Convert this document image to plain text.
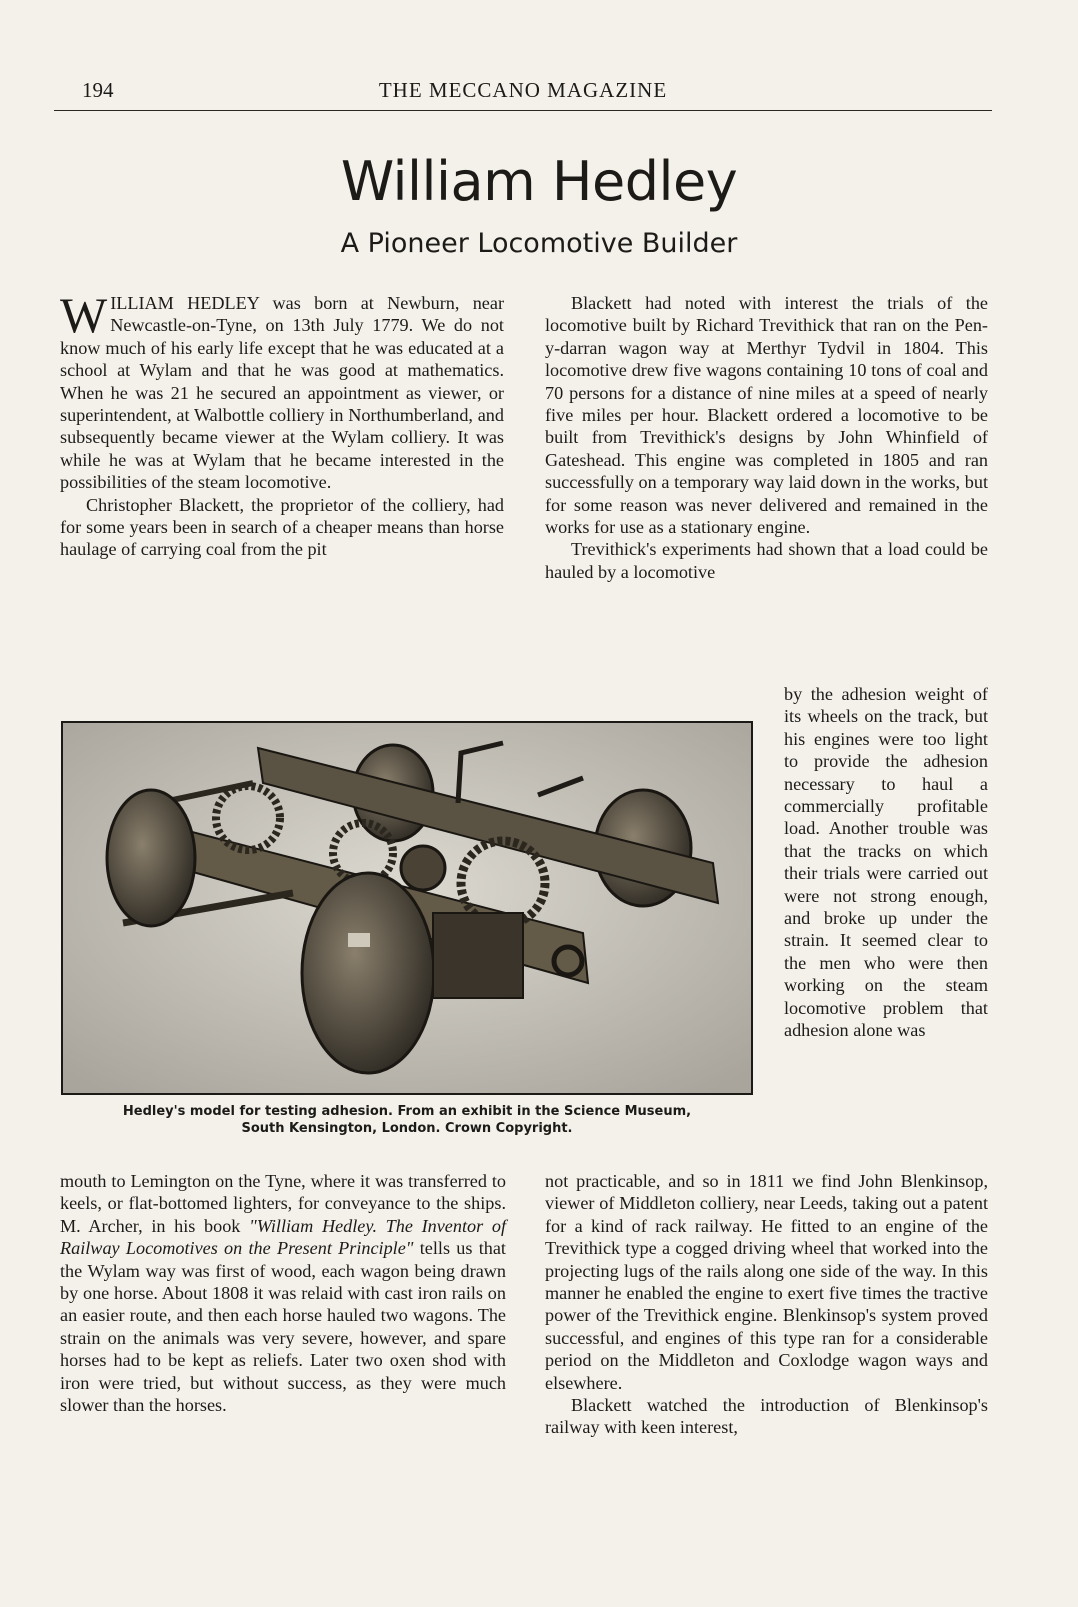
194	THE MECCANO MAGAZINE
William Hedley
A Pioneer Locomotive Builder

WILLIAM HEDLEY was born at Newburn, near Newcastle-on-Tyne, on 13th July 1779. We do not know much of his early life except that he was educated at a school at Wylam and that he was good at mathematics. When he was 21 he secured an appointment as viewer, or superintendent, at Walbottle colliery in Northumberland, and subsequently became viewer at the Wylam colliery. It was while he was at Wylam that he became interested in the possibilities of the steam locomotive.

Christopher Blackett, the proprietor of the colliery, had for some years been in search of a cheaper means than horse haulage of carrying coal from the pit

Blackett had noted with interest the trials of the locomotive built by Richard Trevithick that ran on the Pen-y-darran wagon way at Merthyr Tydvil in 1804. This locomotive drew five wagons containing 10 tons of coal and 70 persons for a distance of nine miles at a speed of nearly five miles per hour. Blackett ordered a locomotive to be built from Trevithick's designs by John Whinfield of Gateshead. This engine was completed in 1805 and ran successfully on a temporary way laid down in the works, but for some reason was never delivered and remained in the works for use as a stationary engine.

Trevithick's experiments had shown that a load could be hauled by a locomotive

by the adhesion weight of its wheels on the track, but his engines were too light to provide the adhesion necessary to haul a commercially profitable load. Another trouble was that the tracks on which their trials were carried out were not strong enough, and broke up under the strain. It seemed clear to the men who were then working on the steam locomotive problem that adhesion alone was

Hedley's model for testing adhesion. From an exhibit in the Science Museum,
South Kensington, London. Crown Copyright.

mouth to Lemington on the Tyne, where it was transferred to keels, or flat-bottomed lighters, for conveyance to the ships. M. Archer, in his book "William Hedley. The Inventor of Railway Locomotives on the Present Principle" tells us that the Wylam way was first of wood, each wagon being drawn by one horse. About 1808 it was relaid with cast iron rails on an easier route, and then each horse hauled two wagons. The strain on the animals was very severe, however, and spare horses had to be kept as reliefs. Later two oxen shod with iron were tried, but without success, as they were much slower than the horses.

not practicable, and so in 1811 we find John Blenkinsop, viewer of Middleton colliery, near Leeds, taking out a patent for a kind of rack railway. He fitted to an engine of the Trevithick type a cogged driving wheel that worked into the projecting lugs of the rails along one side of the way. In this manner he enabled the engine to exert five times the tractive power of the Trevithick engine. Blenkinsop's system proved successful, and engines of this type ran for a considerable period on the Middleton and Coxlodge wagon ways and elsewhere.

Blackett watched the introduction of Blenkinsop's railway with keen interest,
